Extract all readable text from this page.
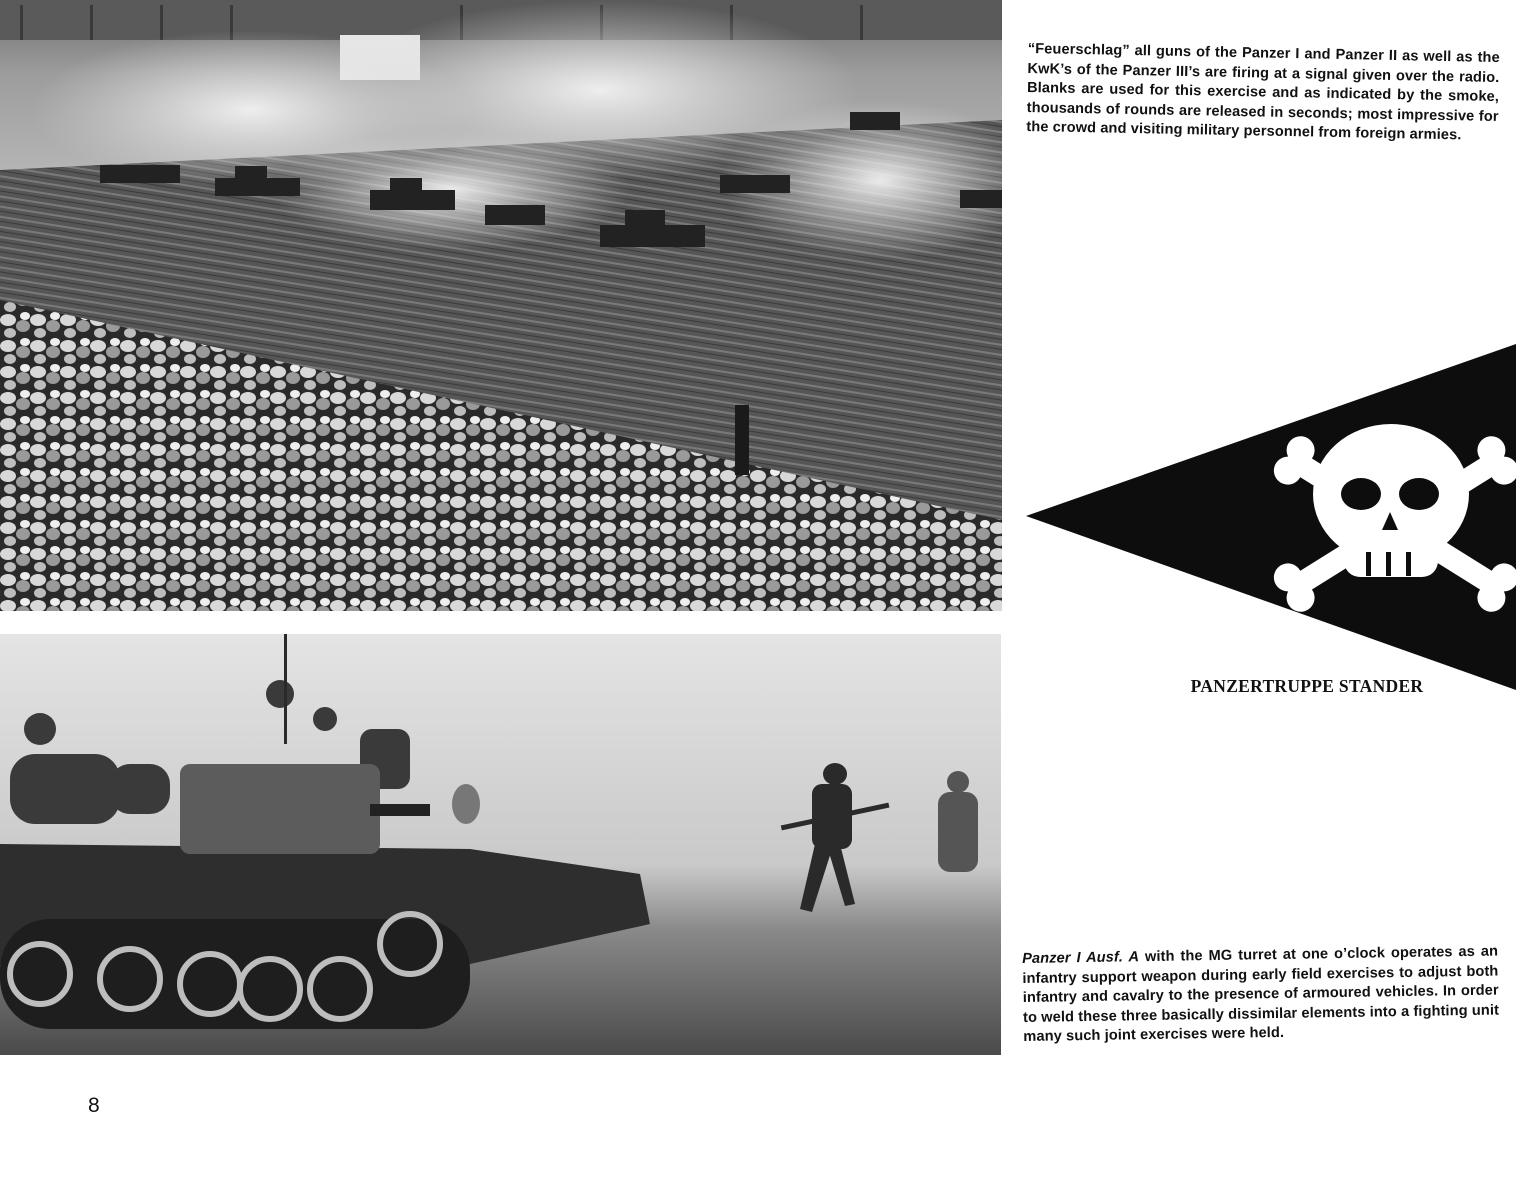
“Feuerschlag” all guns of the Panzer I and Panzer II as well as the KwK’s of the Panzer III’s are firing at a signal given over the radio. Blanks are used for this exercise and as indicated by the smoke, thousands of rounds are released in seconds; most impressive for the crowd and visiting military personnel from foreign armies.

PANZERTRUPPE STANDER

Panzer I Ausf. A with the MG turret at one o’clock operates as an infantry support weapon during early field exercises to adjust both infantry and cavalry to the presence of armoured vehicles. In order to weld these three basically dissimilar elements into a fighting unit many such joint exercises were held.

8
